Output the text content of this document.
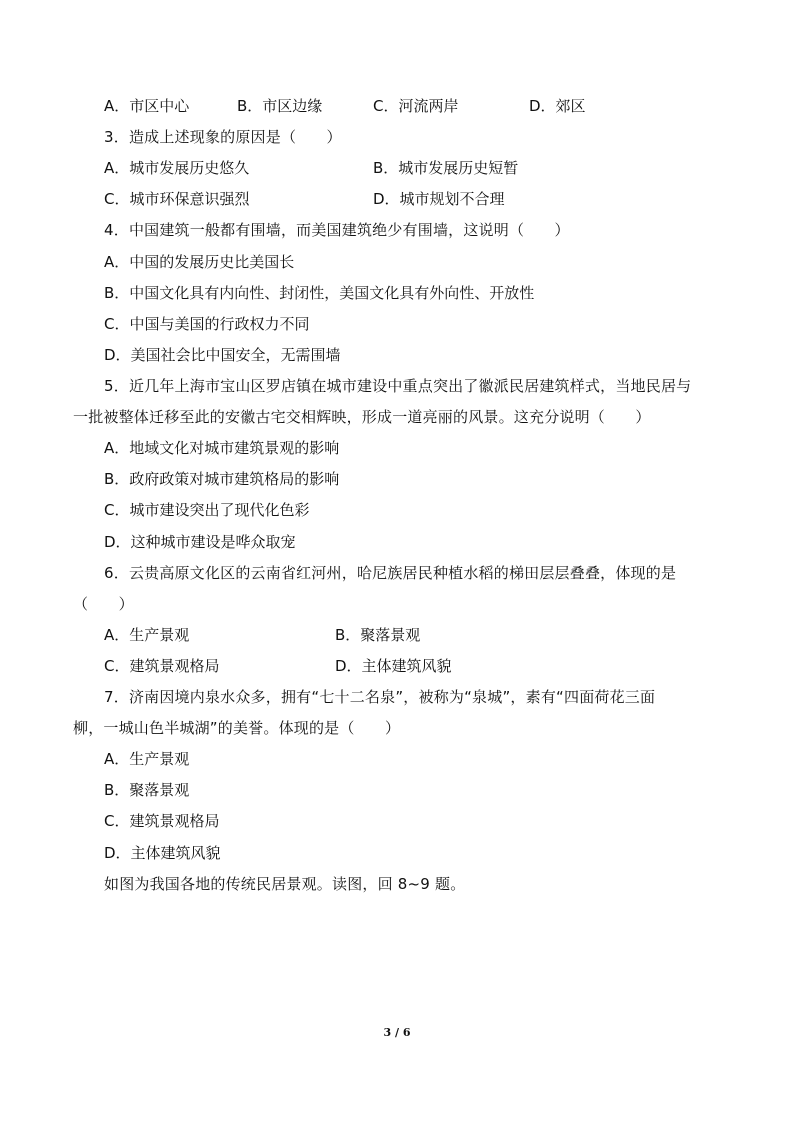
A．市区中心	B．市区边缘	C．河流两岸	D．郊区
3．造成上述现象的原因是（　　）
A．城市发展历史悠久	B．城市发展历史短暂
C．城市环保意识强烈	D．城市规划不合理
4．中国建筑一般都有围墙，而美国建筑绝少有围墙，这说明（　　）
A．中国的发展历史比美国长
B．中国文化具有内向性、封闭性，美国文化具有外向性、开放性
C．中国与美国的行政权力不同
D．美国社会比中国安全，无需围墙
5．近几年上海市宝山区罗店镇在城市建设中重点突出了徽派民居建筑样式，当地民居与
一批被整体迁移至此的安徽古宅交相辉映，形成一道亮丽的风景。这充分说明（　　）
A．地域文化对城市建筑景观的影响
B．政府政策对城市建筑格局的影响
C．城市建设突出了现代化色彩
D．这种城市建设是哗众取宠
6．云贵高原文化区的云南省红河州，哈尼族居民种植水稻的梯田层层叠叠，体现的是
（　　）
A．生产景观	B．聚落景观
C．建筑景观格局	D．主体建筑风貌
7．济南因境内泉水众多，拥有“七十二名泉”，被称为“泉城”，素有“四面荷花三面
柳，一城山色半城湖”的美誉。体现的是（　　）
A．生产景观
B．聚落景观
C．建筑景观格局
D．主体建筑风貌
如图为我国各地的传统民居景观。读图，回 8~9 题。
3 / 6
